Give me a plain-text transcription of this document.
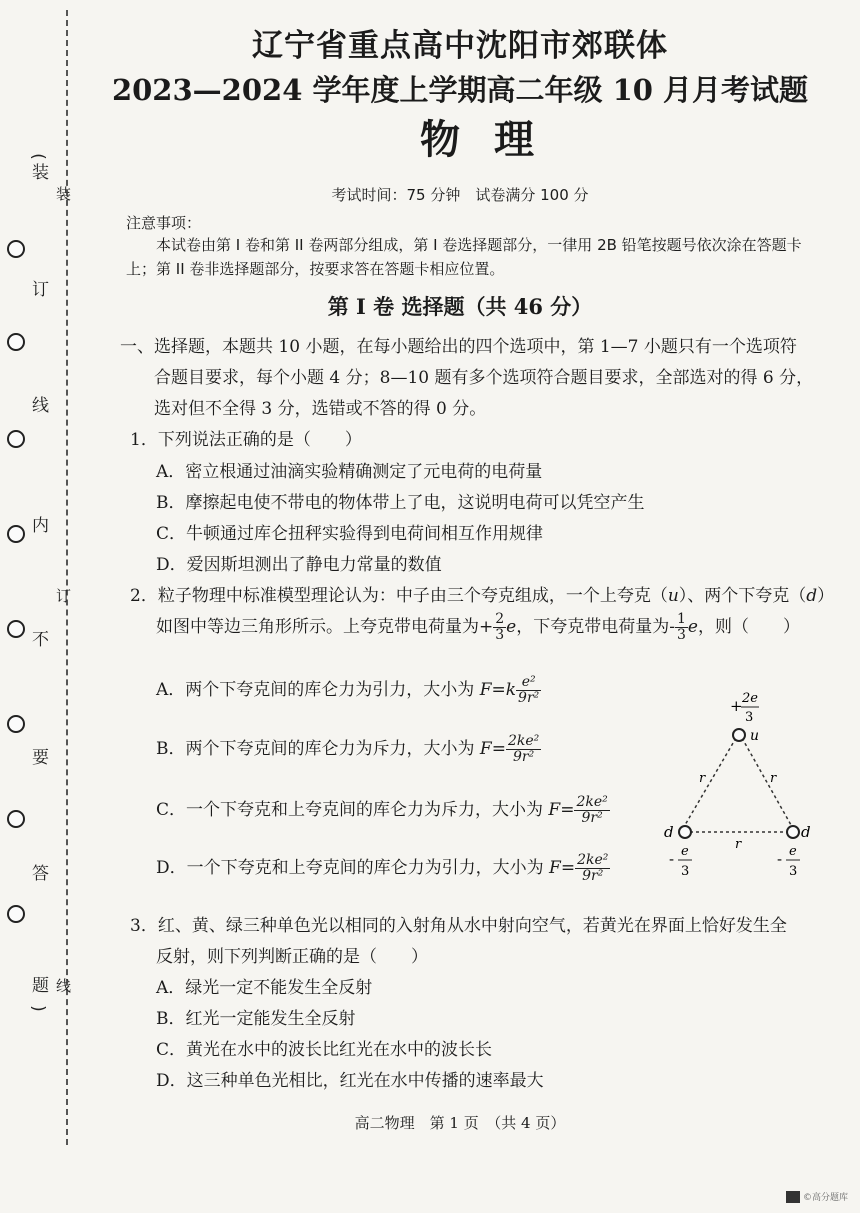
(
装
订
线
内
不
要
答
题
)
装
订
线
辽宁省重点高中沈阳市郊联体
2023—2024 学年度上学期高二年级 10 月月考试题
物理
考试时间：75 分钟　试卷满分 100 分
注意事项：
本试卷由第 I 卷和第 II 卷两部分组成，第 I 卷选择题部分，一律用 2B 铅笔按题号依次涂在答题卡上；第 II 卷非选择题部分，按要求答在答题卡相应位置。
第 I 卷 选择题（共 46 分）
一、选择题，本题共 10 小题，在每小题给出的四个选项中，第 1—7 小题只有一个选项符
合题目要求，每个小题 4 分；8—10 题有多个选项符合题目要求，全部选对的得 6 分，
选对但不全得 3 分，选错或不答的得 0 分。
1．下列说法正确的是（　　）
A．密立根通过油滴实验精确测定了元电荷的电荷量
B．摩擦起电使不带电的物体带上了电，这说明电荷可以凭空产生
C．牛顿通过库仑扭秤实验得到电荷间相互作用规律
D．爱因斯坦测出了静电力常量的数值
2．粒子物理中标准模型理论认为：中子由三个夸克组成，一个上夸克（u）、两个下夸克（d）
如图中等边三角形所示。上夸克带电荷量为+ $\frac{2}{3}$ e，下夸克带电荷量为- $\frac{1}{3}$ e，则（　　）
A．两个下夸克间的库仑力为引力，大小为 $F=k \frac{\text{e²}}{\text{9r²}}$
B．两个下夸克间的库仑力为斥力，大小为 $F= \frac{\text{2ke²}}{\text{9r²}}$
C．一个下夸克和上夸克间的库仑力为斥力，大小为 $F= \frac{\text{2ke²}}{\text{9r²}}$
D．一个下夸克和上夸克间的库仑力为引力，大小为 $F= \frac{\text{2ke²}}{\text{9r²}}$
+ 2e
3
u
r	r
r
d	d
- e
3
- e
3
3．红、黄、绿三种单色光以相同的入射角从水中射向空气，若黄光在界面上恰好发生全
反射，则下列判断正确的是（　　）
A．绿光一定不能发生全反射
B．红光一定能发生全反射
C．黄光在水中的波长比红光在水中的波长长
D．这三种单色光相比，红光在水中传播的速率最大
高二物理　第 1 页　（共 4 页）
©高分题库
